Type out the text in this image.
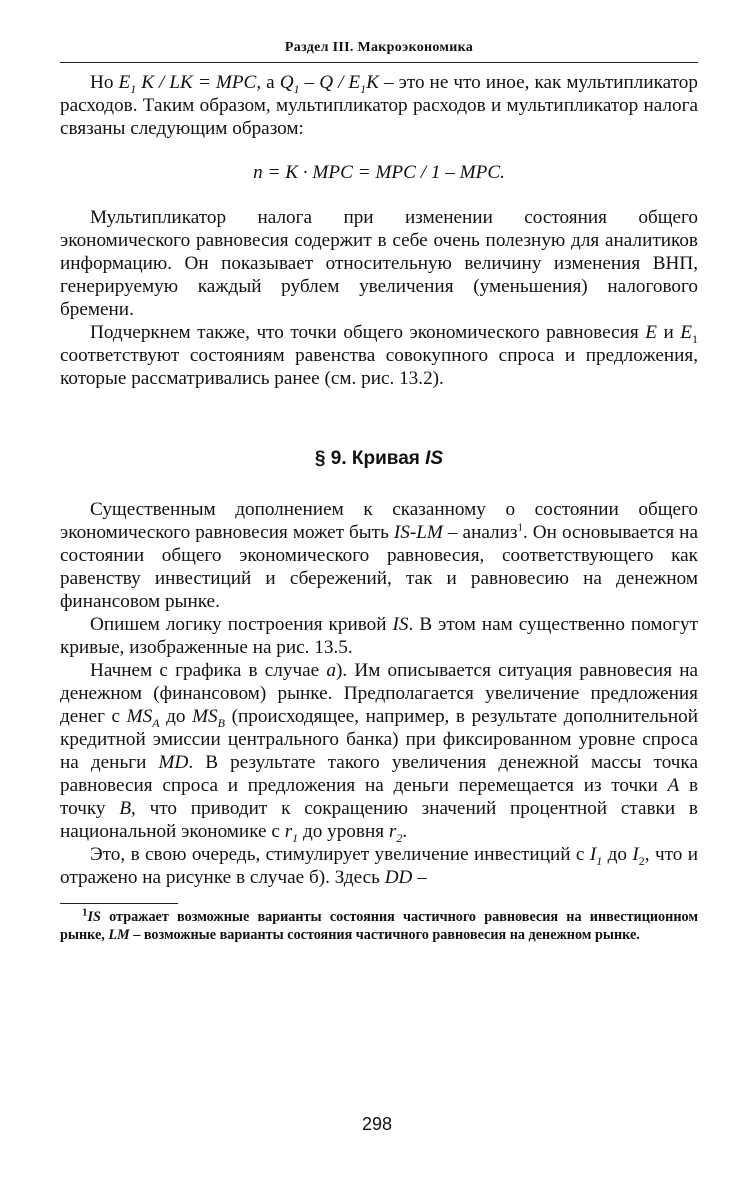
Раздел III. Макроэкономика

Но $E_1$ K / LK = MPC, а $Q_1$ – Q / $E_1K$ – это не что иное, как мультипликатор расходов. Таким образом, мультипликатор расходов и мультипликатор налога связаны следующим образом:

n = K · MPC = MPC / 1 – MPC.

Мультипликатор налога при изменении состояния общего экономического равновесия содержит в себе очень полезную для аналитиков информацию. Он показывает относительную величину изменения ВНП, генерируемую каждый рублем увеличения (уменьшения) налогового бремени.

Подчеркнем также, что точки общего экономического равновесия E и $E_1$ соответствуют состояниям равенства совокупного спроса и предложения, которые рассматривались ранее (см. рис. 13.2).

§ 9. Кривая IS

Существенным дополнением к сказанному о состоянии общего экономического равновесия может быть IS-LM – анализ$^1$. Он основывается на состоянии общего экономического равновесия, соответствующего как равенству инвестиций и сбережений, так и равновесию на денежном финансовом рынке.

Опишем логику построения кривой IS. В этом нам существенно помогут кривые, изображенные на рис. 13.5.

Начнем с графика в случае а). Им описывается ситуация равновесия на денежном (финансовом) рынке. Предполагается увеличение предложения денег с $MS_A$ до $MS_B$ (происходящее, например, в результате дополнительной кредитной эмиссии центрального банка) при фиксированном уровне спроса на деньги MD. В результате такого увеличения денежной массы точка равновесия спроса и предложения на деньги перемещается из точки А в точку В, что приводит к сокращению значений процентной ставки в национальной экономике с $r_1$ до уровня $r_2$.

Это, в свою очередь, стимулирует увеличение инвестиций с $I_1$ до $I_2$, что и отражено на рисунке в случае б). Здесь DD –

$^1$IS отражает возможные варианты состояния частичного равновесия на инвестиционном рынке, LM – возможные варианты состояния частичного равновесия на денежном рынке.

298
